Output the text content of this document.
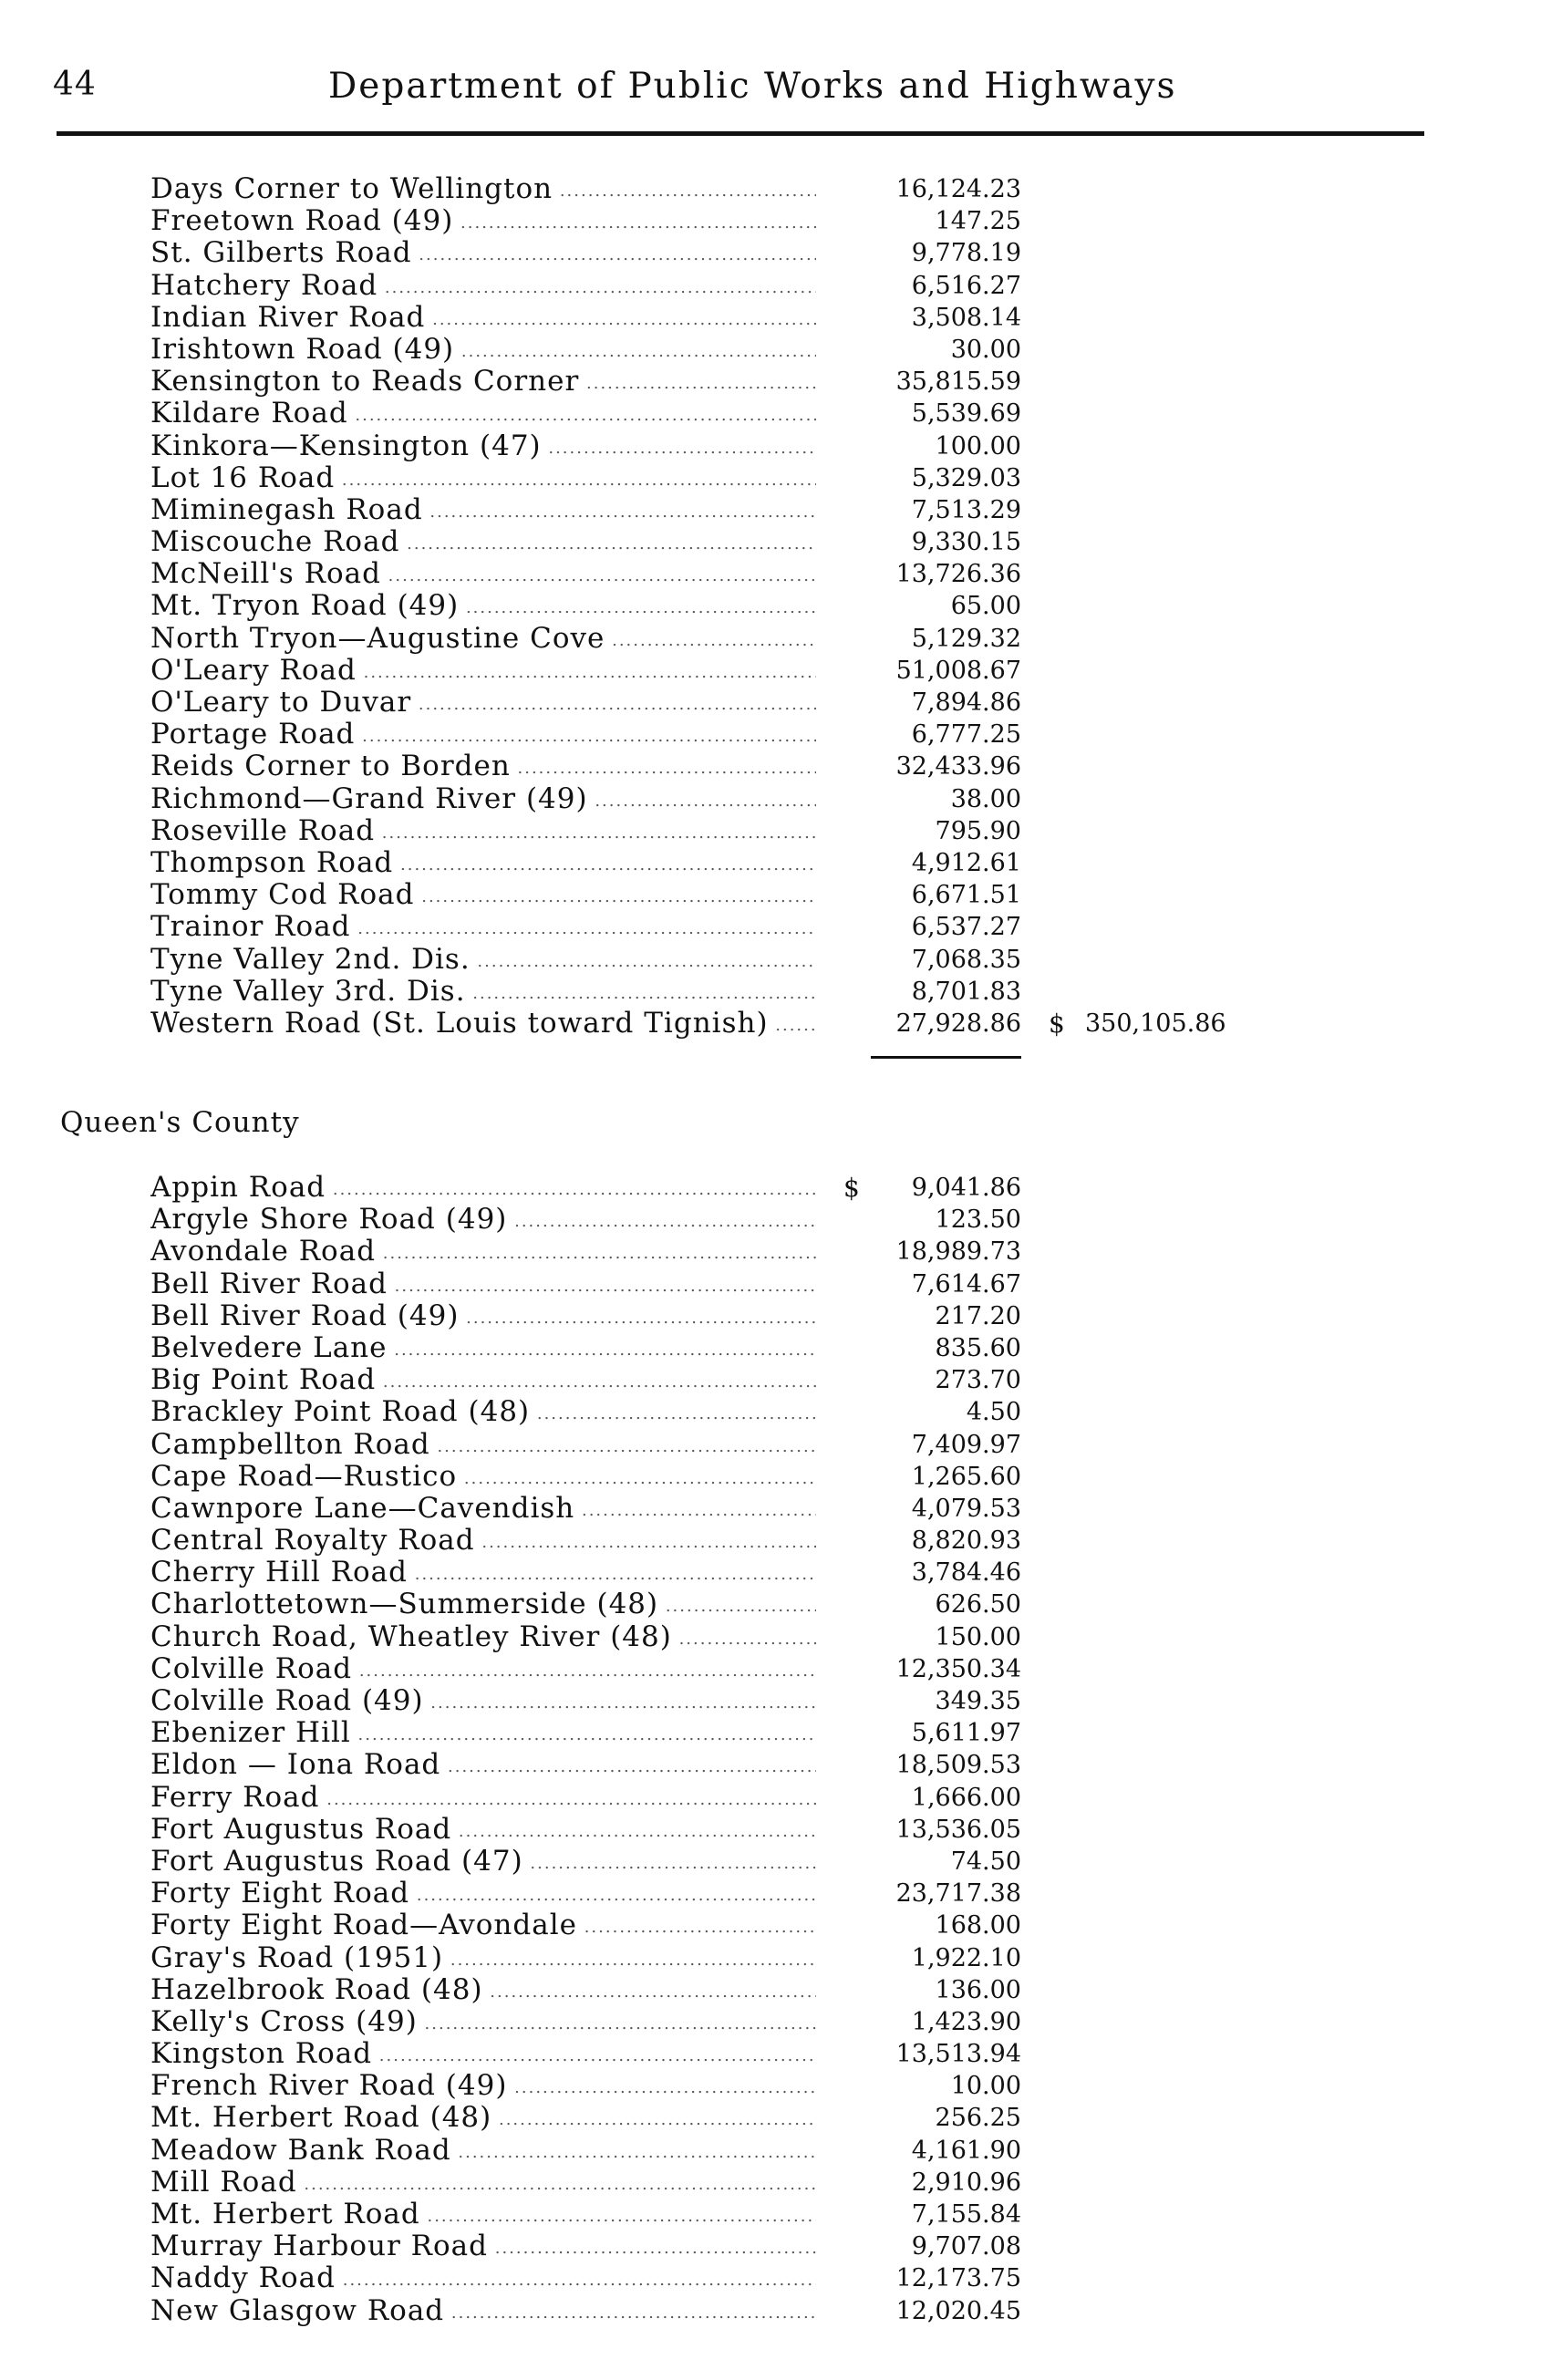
44	Department of Public Works and Highways
Days Corner to Wellington .....	16,124.23
Freetown Road (49) .....	147.25
St. Gilberts Road .....	9,778.19
Hatchery Road .....	6,516.27
Indian River Road .....	3,508.14
Irishtown Road (49) .....	30.00
Kensington to Reads Corner .....	35,815.59
Kildare Road .....	5,539.69
Kinkora—Kensington (47) .....	100.00
Lot 16 Road .....	5,329.03
Miminegash Road .....	7,513.29
Miscouche Road .....	9,330.15
McNeill's Road .....	13,726.36
Mt. Tryon Road (49) .....	65.00
North Tryon—Augustine Cove .....	5,129.32
O'Leary Road .....	51,008.67
O'Leary to Duvar .....	7,894.86
Portage Road .....	6,777.25
Reids Corner to Borden .....	32,433.96
Richmond—Grand River (49) .....	38.00
Roseville Road .....	795.90
Thompson Road .....	4,912.61
Tommy Cod Road .....	6,671.51
Trainor Road .....	6,537.27
Tyne Valley 2nd. Dis. .....	7,068.35
Tyne Valley 3rd. Dis. .....	8,701.83
Western Road (St. Louis toward Tignish) .....	27,928.86 $ 350,105.86
Queen's County
Appin Road .....	$ 9,041.86
Argyle Shore Road (49) .....	123.50
Avondale Road .....	18,989.73
Bell River Road .....	7,614.67
Bell River Road (49) .....	217.20
Belvedere Lane .....	835.60
Big Point Road .....	273.70
Brackley Point Road (48) .....	4.50
Campbellton Road .....	7,409.97
Cape Road—Rustico .....	1,265.60
Cawnpore Lane—Cavendish .....	4,079.53
Central Royalty Road .....	8,820.93
Cherry Hill Road .....	3,784.46
Charlottetown—Summerside (48) .....	626.50
Church Road, Wheatley River (48) .....	150.00
Colville Road .....	12,350.34
Colville Road (49) .....	349.35
Ebenizer Hill .....	5,611.97
Eldon — Iona Road .....	18,509.53
Ferry Road .....	1,666.00
Fort Augustus Road .....	13,536.05
Fort Augustus Road (47) .....	74.50
Forty Eight Road .....	23,717.38
Forty Eight Road—Avondale .....	168.00
Gray's Road (1951) .....	1,922.10
Hazelbrook Road (48) .....	136.00
Kelly's Cross (49) .....	1,423.90
Kingston Road .....	13,513.94
French River Road (49) .....	10.00
Mt. Herbert Road (48) .....	256.25
Meadow Bank Road .....	4,161.90
Mill Road .....	2,910.96
Mt. Herbert Road .....	7,155.84
Murray Harbour Road .....	9,707.08
Naddy Road .....	12,173.75
New Glasgow Road .....	12,020.45
